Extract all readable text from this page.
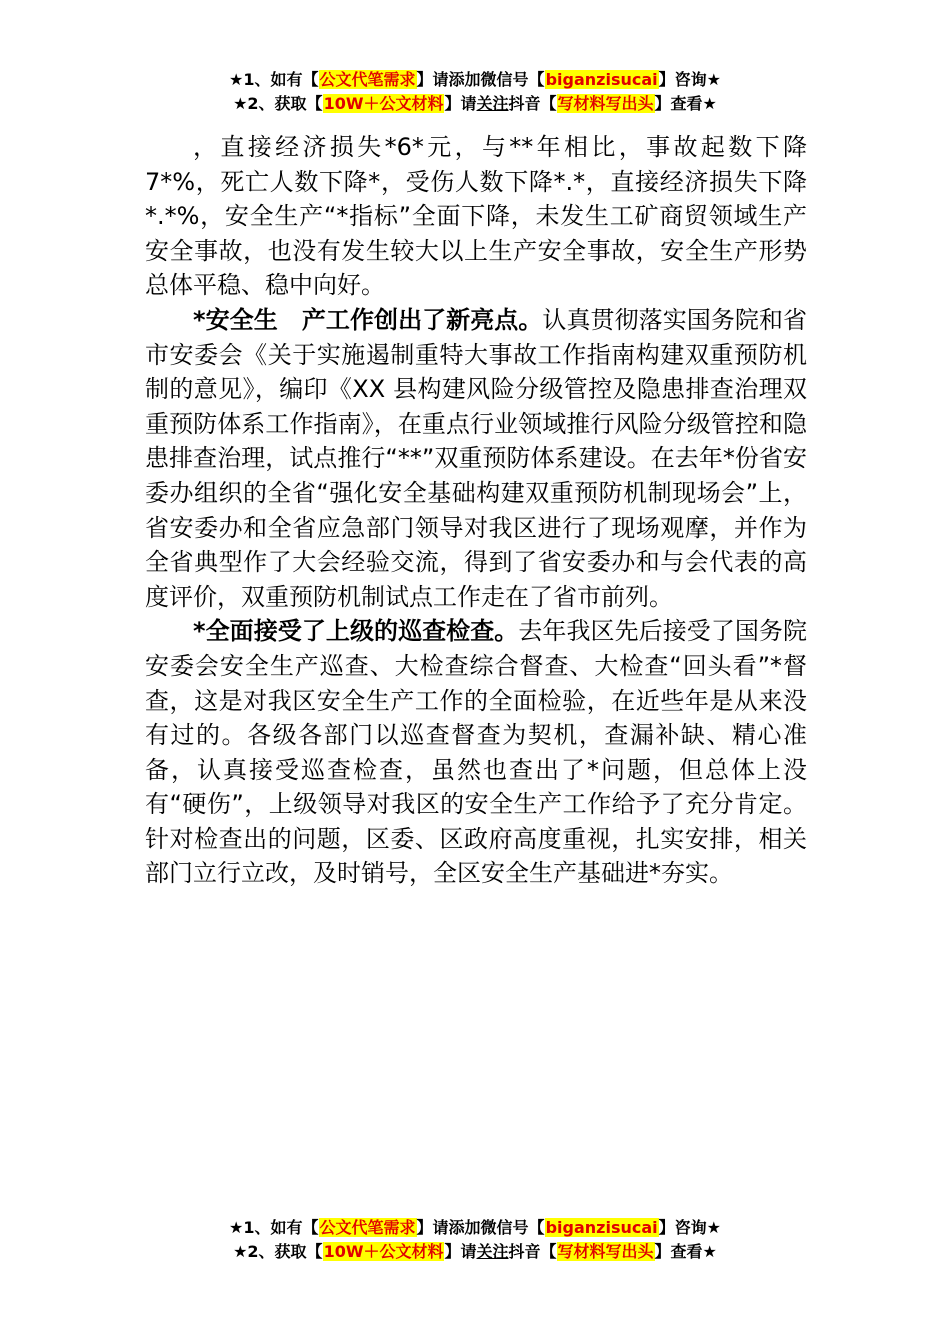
★1、如有【公文代笔需求】请添加微信号【biganzisucai】咨询★
★2、获取【10W＋公文材料】请关注抖音【写材料写出头】查看★

，直接经济损失*6*元，与**年相比，事故起数下降 7*%，死亡人数下降*，受伤人数下降*.*，直接经济损失下降*.*%，安全生产“*指标”全面下降，未发生工矿商贸领域生产安全事故，也没有发生较大以上生产安全事故，安全生产形势总体平稳、稳中向好。

*安全生　产工作创出了新亮点。认真贯彻落实国务院和省市安委会《关于实施遏制重特大事故工作指南构建双重预防机制的意见》，编印《XX 县构建风险分级管控及隐患排查治理双重预防体系工作指南》，在重点行业领域推行风险分级管控和隐患排查治理，试点推行“**”双重预防体系建设。在去年*份省安委办组织的全省“强化安全基础构建双重预防机制现场会”上，省安委办和全省应急部门领导对我区进行了现场观摩，并作为全省典型作了大会经验交流，得到了省安委办和与会代表的高度评价，双重预防机制试点工作走在了省市前列。

*全面接受了上级的巡查检查。去年我区先后接受了国务院安委会安全生产巡查、大检查综合督查、大检查“回头看”*督查，这是对我区安全生产工作的全面检验，在近些年是从来没有过的。各级各部门以巡查督查为契机，查漏补缺、精心准备，认真接受巡查检查，虽然也查出了*问题，但总体上没有“硬伤”，上级领导对我区的安全生产工作给予了充分肯定。针对检查出的问题，区委、区政府高度重视，扎实安排，相关部门立行立改，及时销号，全区安全生产基础进*夯实。

★1、如有【公文代笔需求】请添加微信号【biganzisucai】咨询★
★2、获取【10W＋公文材料】请关注抖音【写材料写出头】查看★
